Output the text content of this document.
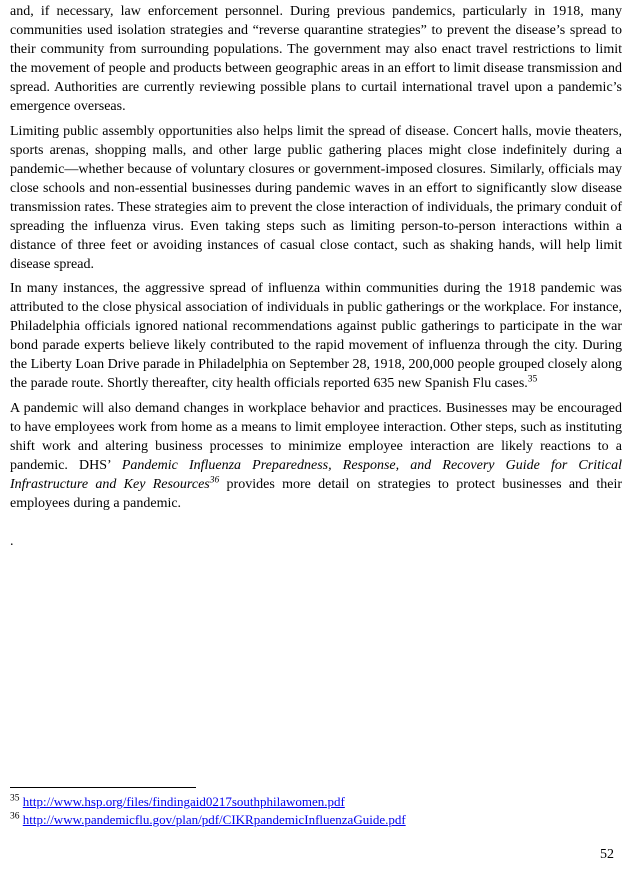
and, if necessary, law enforcement personnel. During previous pandemics, particularly in 1918, many communities used isolation strategies and “reverse quarantine strategies” to prevent the disease’s spread to their community from surrounding populations. The government may also enact travel restrictions to limit the movement of people and products between geographic areas in an effort to limit disease transmission and spread. Authorities are currently reviewing possible plans to curtail international travel upon a pandemic’s emergence overseas.

Limiting public assembly opportunities also helps limit the spread of disease. Concert halls, movie theaters, sports arenas, shopping malls, and other large public gathering places might close indefinitely during a pandemic—whether because of voluntary closures or government-imposed closures. Similarly, officials may close schools and non-essential businesses during pandemic waves in an effort to significantly slow disease transmission rates. These strategies aim to prevent the close interaction of individuals, the primary conduit of spreading the influenza virus. Even taking steps such as limiting person-to-person interactions within a distance of three feet or avoiding instances of casual close contact, such as shaking hands, will help limit disease spread.

In many instances, the aggressive spread of influenza within communities during the 1918 pandemic was attributed to the close physical association of individuals in public gatherings or the workplace. For instance, Philadelphia officials ignored national recommendations against public gatherings to participate in the war bond parade experts believe likely contributed to the rapid movement of influenza through the city. During the Liberty Loan Drive parade in Philadelphia on September 28, 1918, 200,000 people grouped closely along the parade route. Shortly thereafter, city health officials reported 635 new Spanish Flu cases.$^{35}$

A pandemic will also demand changes in workplace behavior and practices. Businesses may be encouraged to have employees work from home as a means to limit employee interaction. Other steps, such as instituting shift work and altering business processes to minimize employee interaction are likely reactions to a pandemic. DHS’ Pandemic Influenza Preparedness, Response, and Recovery Guide for Critical Infrastructure and Key Resources$^{36}$ provides more detail on strategies to protect businesses and their employees during a pandemic.

.

$^{35}$ http://www.hsp.org/files/findingaid0217southphilawomen.pdf
$^{36}$ http://www.pandemicflu.gov/plan/pdf/CIKRpandemicInfluenzaGuide.pdf
52
